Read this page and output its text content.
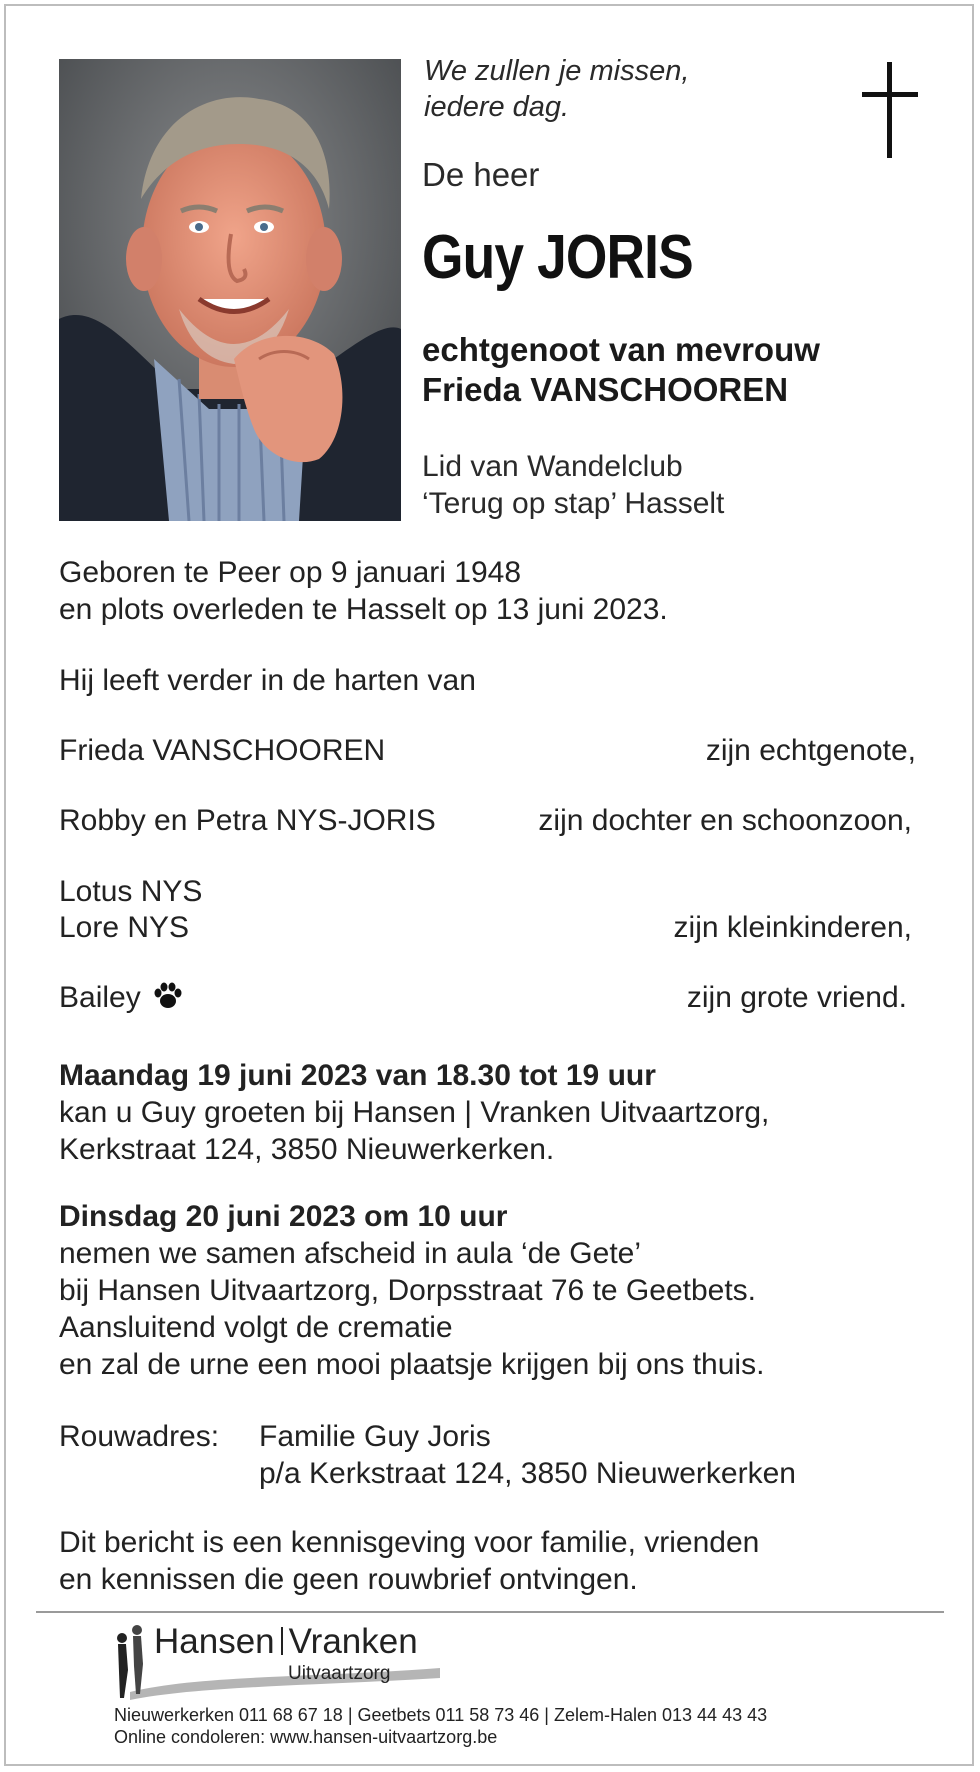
We zullen je missen,
iedere dag.
De heer
Guy JORIS
echtgenoot van mevrouw
Frieda VANSCHOOREN
Lid van Wandelclub
‘Terug op stap’ Hasselt
Geboren te Peer op 9 januari 1948
en plots overleden te Hasselt op 13 juni 2023.
Hij leeft verder in de harten van
Frieda VANSCHOOREN	zijn echtgenote,
Robby en Petra NYS-JORIS	zijn dochter en schoonzoon,
Lotus NYS
Lore NYS	zijn kleinkinderen,
Bailey	zijn grote vriend.
Maandag 19 juni 2023 van 18.30 tot 19 uur
kan u Guy groeten bij Hansen | Vranken Uitvaartzorg,
Kerkstraat 124, 3850 Nieuwerkerken.
Dinsdag 20 juni 2023 om 10 uur
nemen we samen afscheid in aula ‘de Gete’
bij Hansen Uitvaartzorg, Dorpsstraat 76 te Geetbets.
Aansluitend volgt de crematie
en zal de urne een mooi plaatsje krijgen bij ons thuis.
Rouwadres: Familie Guy Joris
p/a Kerkstraat 124, 3850 Nieuwerkerken
Dit bericht is een kennisgeving voor familie, vrienden
en kennissen die geen rouwbrief ontvingen.
Hansen Vranken
Uitvaartzorg
Nieuwerkerken 011 68 67 18 | Geetbets 011 58 73 46 | Zelem-Halen 013 44 43 43
Online condoleren: www.hansen-uitvaartzorg.be
